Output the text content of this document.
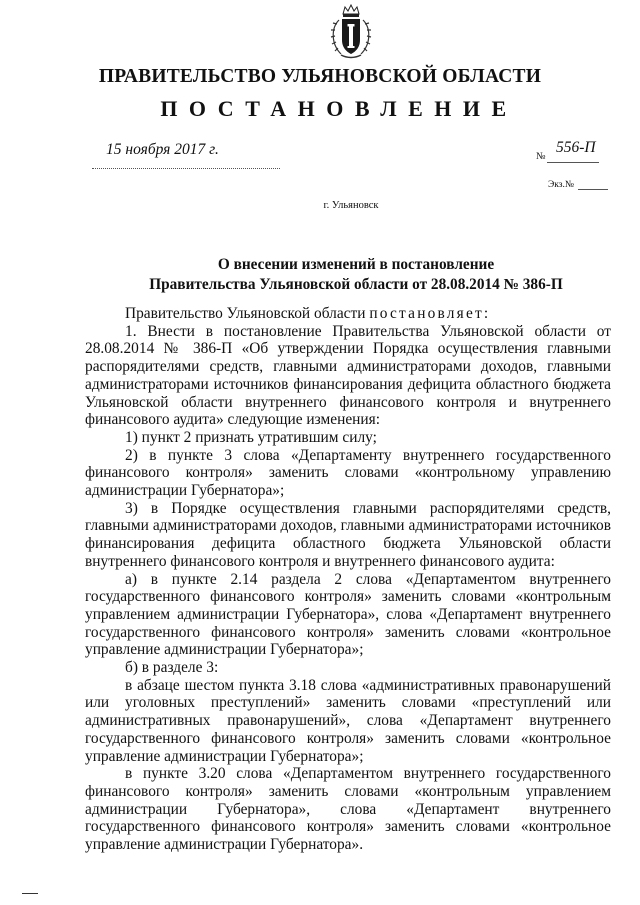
ПРАВИТЕЛЬСТВО УЛЬЯНОВСКОЙ ОБЛАСТИ
ПОСТАНОВЛЕНИЕ
15 ноября 2017 г.	№
556-П
Экз.№
г. Ульяновск
О внесении изменений в постановление
Правительства Ульяновской области от 28.08.2014 № 386-П

Правительство Ульяновской области постановляет:

1. Внести в постановление Правительства Ульяновской области от 28.08.2014 № 386-П «Об утверждении Порядка осуществления главными распорядителями средств, главными администраторами доходов, главными администраторами источников финансирования дефицита областного бюджета Ульяновской области внутреннего финансового контроля и внутреннего финансового аудита» следующие изменения:

1) пункт 2 признать утратившим силу;

2) в пункте 3 слова «Департаменту внутреннего государственного финансового контроля» заменить словами «контрольному управлению администрации Губернатора»;

3) в Порядке осуществления главными распорядителями средств, главными администраторами доходов, главными администраторами источников финансирования дефицита областного бюджета Ульяновской области внутреннего финансового контроля и внутреннего финансового аудита:

а) в пункте 2.14 раздела 2 слова «Департаментом внутреннего государственного финансового контроля» заменить словами «контрольным управлением администрации Губернатора», слова «Департамент внутреннего государственного финансового контроля» заменить словами «контрольное управление администрации Губернатора»;

б) в разделе 3:

в абзаце шестом пункта 3.18 слова «административных правонарушений или уголовных преступлений» заменить словами «преступлений или административных правонарушений», слова «Департамент внутреннего государственного финансового контроля» заменить словами «контрольное управление администрации Губернатора»;

в пункте 3.20 слова «Департаментом внутреннего государственного финансового контроля» заменить словами «контрольным управлением администрации Губернатора», слова «Департамент внутреннего государственного финансового контроля» заменить словами «контрольное управление администрации Губернатора».
